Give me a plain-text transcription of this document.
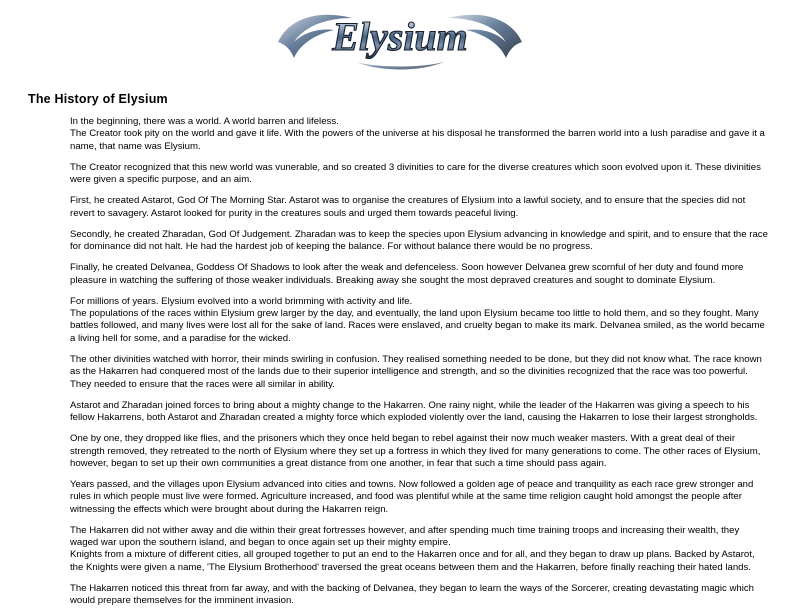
Elysium
The History of Elysium

In the beginning, there was a world. A world barren and lifeless.
The Creator took pity on the world and gave it life. With the powers of the universe at his disposal he transformed the barren world into a lush paradise and gave it a name, that name was Elysium.

The Creator recognized that this new world was vunerable, and so created 3 divinities to care for the diverse creatures which soon evolved upon it. These divinities were given a specific purpose, and an aim.

First, he created Astarot, God Of The Morning Star. Astarot was to organise the creatures of Elysium into a lawful society, and to ensure that the species did not revert to savagery. Astarot looked for purity in the creatures souls and urged them towards peaceful living.

Secondly, he created Zharadan, God Of Judgement. Zharadan was to keep the species upon Elysium advancing in knowledge and spirit, and to ensure that the race for dominance did not halt. He had the hardest job of keeping the balance. For without balance there would be no progress.

Finally, he created Delvanea, Goddess Of Shadows to look after the weak and defenceless. Soon however Delvanea grew scornful of her duty and found more pleasure in watching the suffering of those weaker individuals. Breaking away she sought the most depraved creatures and sought to dominate Elysium.

For millions of years. Elysium evolved into a world brimming with activity and life.
The populations of the races within Elysium grew larger by the day, and eventually, the land upon Elysium became too little to hold them, and so they fought. Many battles followed, and many lives were lost all for the sake of land. Races were enslaved, and cruelty began to make its mark. Delvanea smiled, as the world became a living hell for some, and a paradise for the wicked.

The other divinities watched with horror, their minds swirling in confusion. They realised something needed to be done, but they did not know what. The race known as the Hakarren had conquered most of the lands due to their superior intelligence and strength, and so the divinities recognized that the race was too powerful. They needed to ensure that the races were all similar in ability.

Astarot and Zharadan joined forces to bring about a mighty change to the Hakarren. One rainy night, while the leader of the Hakarren was giving a speech to his fellow Hakarrens, both Astarot and Zharadan created a mighty force which exploded violently over the land, causing the Hakarren to lose their largest strongholds.

One by one, they dropped like flies, and the prisoners which they once held began to rebel against their now much weaker masters. With a great deal of their strength removed, they retreated to the north of Elysium where they set up a fortress in which they lived for many generations to come. The other races of Elysium, however, began to set up their own communities a great distance from one another, in fear that such a time should pass again.

Years passed, and the villages upon Elysium advanced into cities and towns. Now followed a golden age of peace and tranquility as each race grew stronger and rules in which people must live were formed. Agriculture increased, and food was plentiful while at the same time religion caught hold amongst the people after witnessing the effects which were brought about during the Hakarren reign.

The Hakarren did not wither away and die within their great fortresses however, and after spending much time training troops and increasing their wealth, they waged war upon the southern island, and began to once again set up their mighty empire.
Knights from a mixture of different cities, all grouped together to put an end to the Hakarren once and for all, and they began to draw up plans. Backed by Astarot, the Knights were given a name, 'The Elysium Brotherhood' traversed the great oceans between them and the Hakarren, before finally reaching their hated lands.

The Hakarren noticed this threat from far away, and with the backing of Delvanea, they began to learn the ways of the Sorcerer, creating devastating magic which would prepare themselves for the imminent invasion.
